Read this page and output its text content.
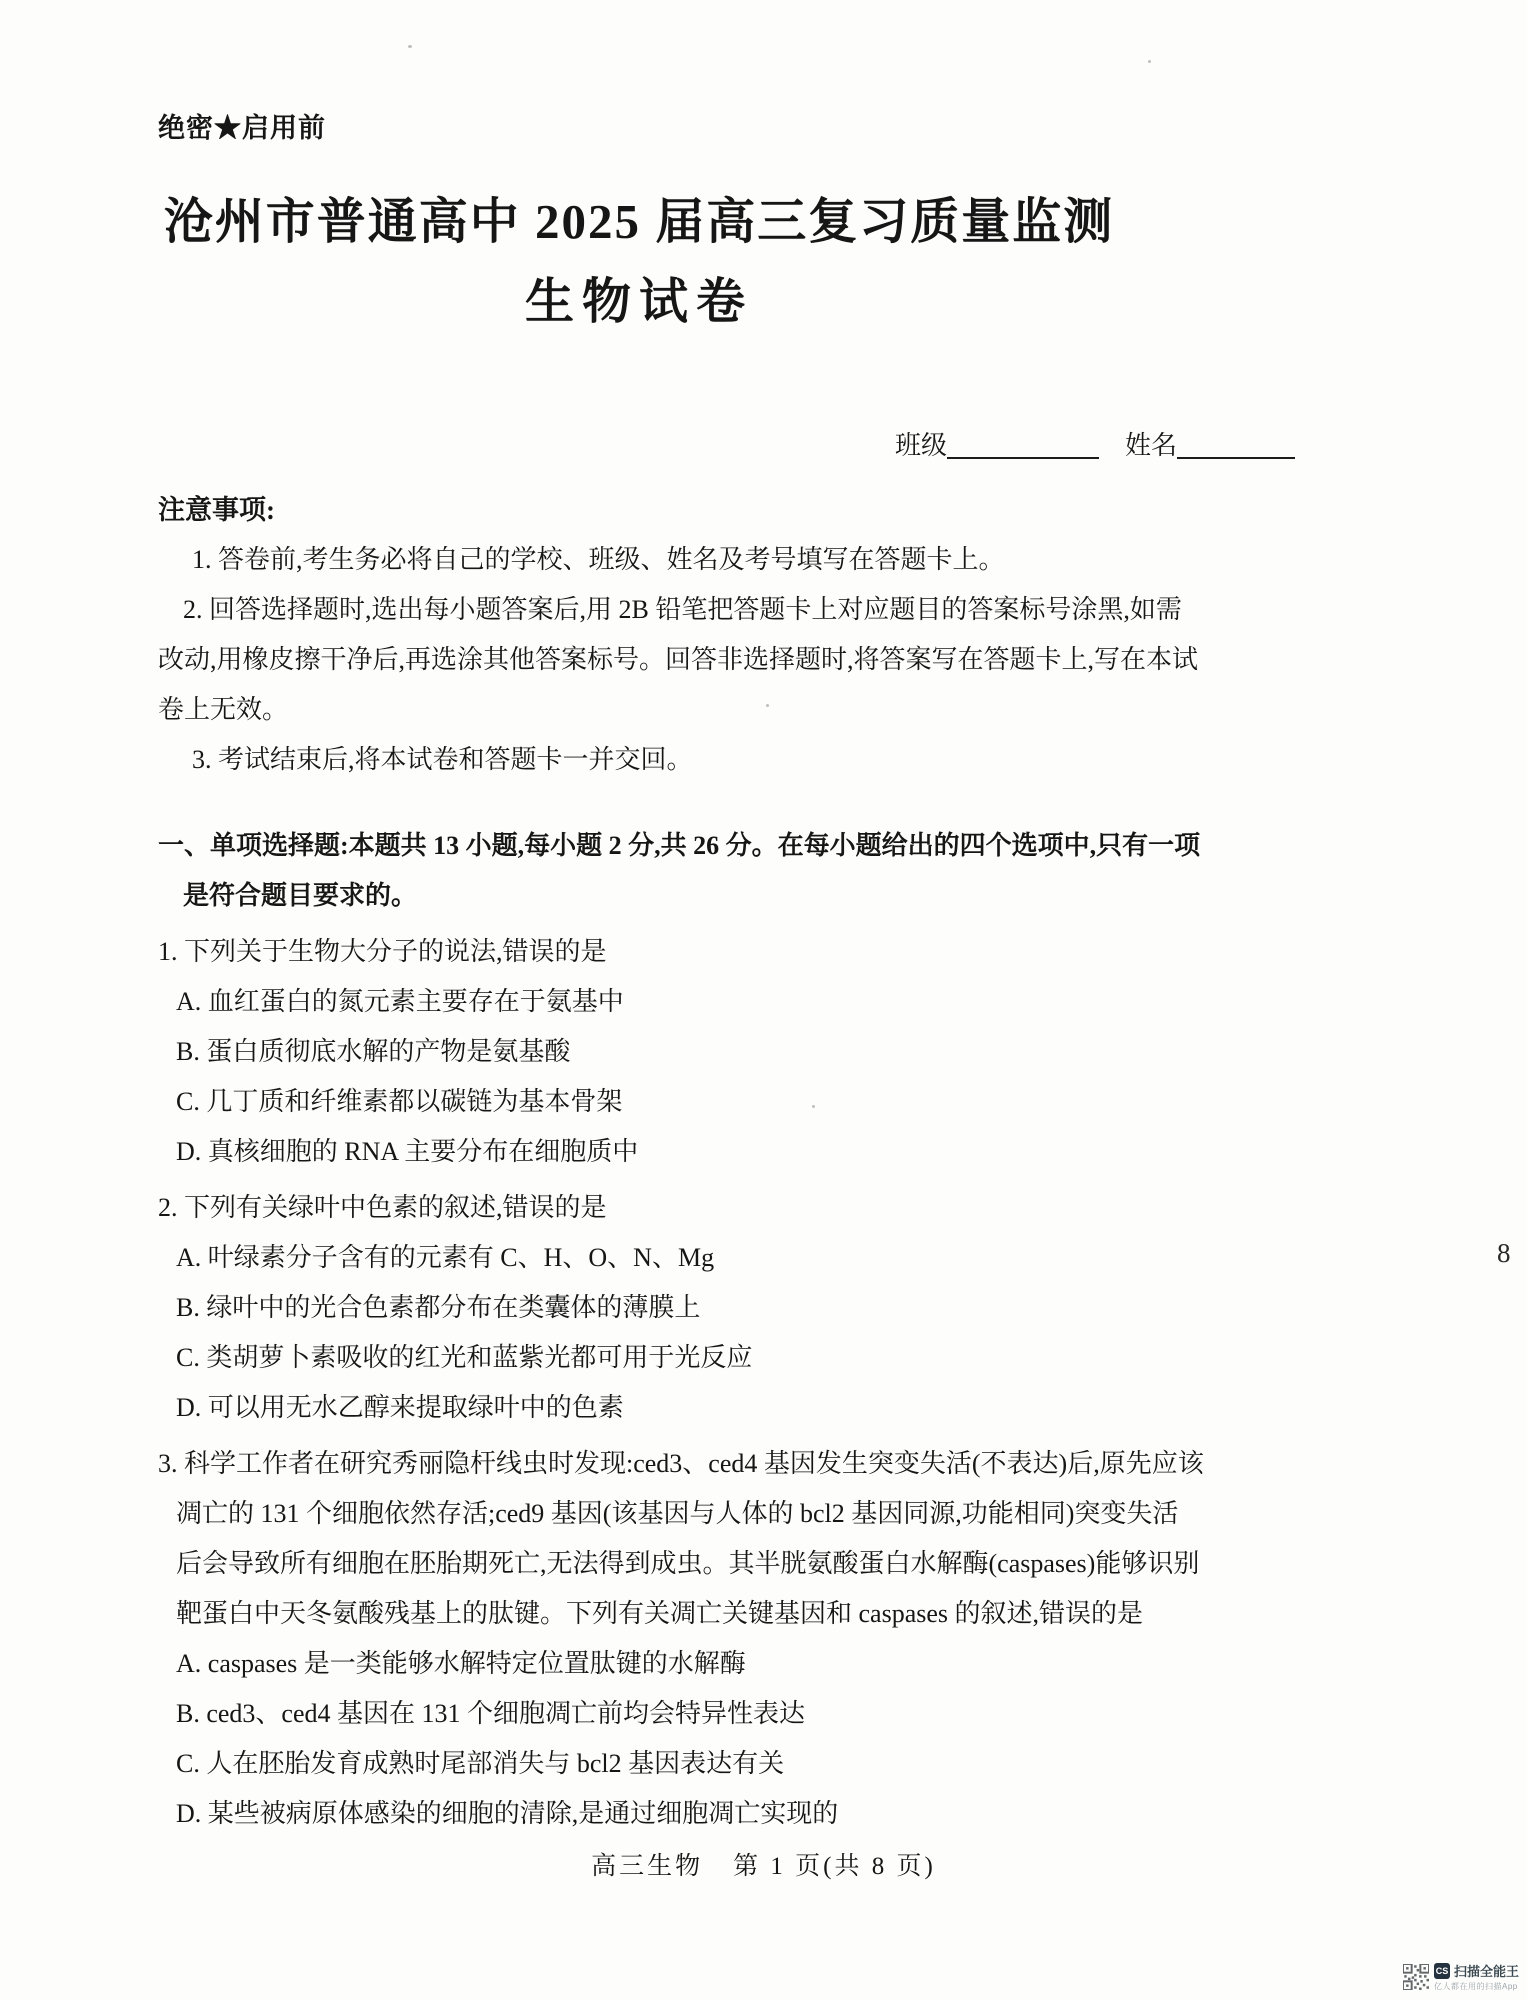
绝密★启用前
沧州市普通高中 2025 届高三复习质量监测
生物试卷
注意事项:
1. 答卷前,考生务必将自己的学校、班级、姓名及考号填写在答题卡上。
2. 回答选择题时,选出每小题答案后,用 2B 铅笔把答题卡上对应题目的答案标号涂黑,如需
改动,用橡皮擦干净后,再选涂其他答案标号。回答非选择题时,将答案写在答题卡上,写在本试
卷上无效。
3. 考试结束后,将本试卷和答题卡一并交回。
一、单项选择题:本题共 13 小题,每小题 2 分,共 26 分。在每小题给出的四个选项中,只有一项
是符合题目要求的。
1. 下列关于生物大分子的说法,错误的是
A. 血红蛋白的氮元素主要存在于氨基中
B. 蛋白质彻底水解的产物是氨基酸
C. 几丁质和纤维素都以碳链为基本骨架
D. 真核细胞的 RNA 主要分布在细胞质中
2. 下列有关绿叶中色素的叙述,错误的是
A. 叶绿素分子含有的元素有 C、H、O、N、Mg
B. 绿叶中的光合色素都分布在类囊体的薄膜上
C. 类胡萝卜素吸收的红光和蓝紫光都可用于光反应
D. 可以用无水乙醇来提取绿叶中的色素
3. 科学工作者在研究秀丽隐杆线虫时发现:ced3、ced4 基因发生突变失活(不表达)后,原先应该
凋亡的 131 个细胞依然存活;ced9 基因(该基因与人体的 bcl2 基因同源,功能相同)突变失活
后会导致所有细胞在胚胎期死亡,无法得到成虫。其半胱氨酸蛋白水解酶(caspases)能够识别
靶蛋白中天冬氨酸残基上的肽键。下列有关凋亡关键基因和 caspases 的叙述,错误的是
A. caspases 是一类能够水解特定位置肽键的水解酶
B. ced3、ced4 基因在 131 个细胞凋亡前均会特异性表达
C. 人在胚胎发育成熟时尾部消失与 bcl2 基因表达有关
D. 某些被病原体感染的细胞的清除,是通过细胞凋亡实现的
班级	姓名
高三生物 第 1 页(共 8 页)
8
CS 扫描全能王
亿人都在用的扫描App
